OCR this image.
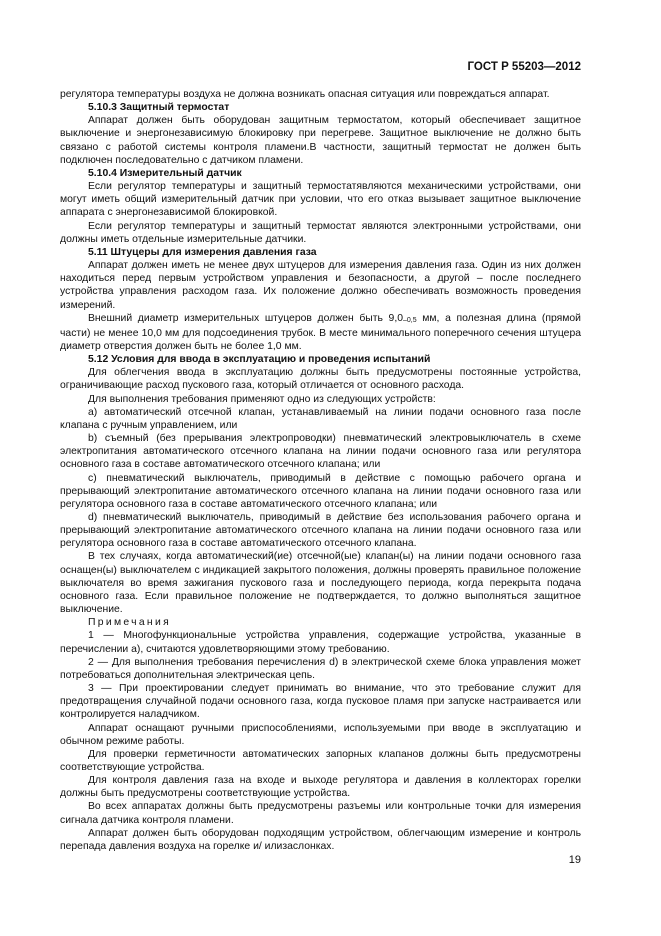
ГОСТ Р 55203—2012

регулятора температуры воздуха не должна возникать опасная ситуация или повреждаться аппарат.

5.10.3 Защитный термостат

Аппарат должен быть оборудован защитным термостатом, который обеспечивает защитное выключение и энергонезависимую блокировку при перегреве. Защитное выключение не должно быть связано с работой системы контроля пламени.В частности, защитный термостат не должен быть подключен последовательно с датчиком пламени.

5.10.4 Измерительный датчик

Если регулятор температуры и защитный термостатявляются механическими устройствами, они могут иметь общий измерительный датчик при условии, что его отказ вызывает защитное выключение аппарата с энергонезависимой блокировкой.

Если регулятор температуры и защитный термостат являются электронными устройствами, они должны иметь отдельные измерительные датчики.

5.11 Штуцеры для измерения давления газа

Аппарат должен иметь не менее двух штуцеров для измерения давления газа. Один из них должен находиться перед первым устройством управления и безопасности, а другой – после последнего устройства управления расходом газа. Их положение должно обеспечивать возможность проведения измерений.

Внешний диаметр измерительных штуцеров должен быть $9,0_{-0,5}$ мм, а полезная длина (прямой части) не менее 10,0 мм для подсоединения трубок. В месте минимального поперечного сечения штуцера диаметр отверстия должен быть не более 1,0 мм.

5.12 Условия для ввода в эксплуатацию и проведения испытаний

Для облегчения ввода в эксплуатацию должны быть предусмотрены постоянные устройства, ограничивающие расход пускового газа, который отличается от основного расхода.

Для выполнения требования применяют одно из следующих устройств:

а) автоматический отсечной клапан, устанавливаемый на линии подачи основного газа после клапана с ручным управлением, или

b) съемный (без прерывания электропроводки) пневматический электровыключатель в схеме электропитания автоматического отсечного клапана на линии подачи основного газа или регулятора основного газа в составе автоматического отсечного клапана; или

с) пневматический выключатель, приводимый в действие с помощью рабочего органа и прерывающий электропитание автоматического отсечного клапана на линии подачи основного газа или регулятора основного газа в составе автоматического отсечного клапана; или

d) пневматический выключатель, приводимый в действие без использования рабочего органа и прерывающий электропитание автоматического отсечного клапана на линии подачи основного газа или регулятора основного газа в составе автоматического отсечного клапана.

В тех случаях, когда автоматический(ие) отсечной(ые) клапан(ы) на линии подачи основного газа оснащен(ы) выключателем с индикацией закрытого положения, должны проверять правильное положение выключателя во время зажигания пускового газа и последующего периода, когда перекрыта подача основного газа. Если правильное положение не подтверждается, то должно выполняться защитное выключение.

Примечания

1 — Многофункциональные устройства управления, содержащие устройства, указанные в перечислении а), считаются удовлетворяющими этому требованию.

2 — Для выполнения требования перечисления d) в электрической схеме блока управления может потребоваться дополнительная электрическая цепь.

3 — При проектировании следует принимать во внимание, что это требование служит для предотвращения случайной подачи основного газа, когда пусковое пламя при запуске настраивается или контролируется наладчиком.

Аппарат оснащают ручными приспособлениями, используемыми при вводе в эксплуатацию и обычном режиме работы.

Для проверки герметичности автоматических запорных клапанов должны быть предусмотрены соответствующие устройства.

Для контроля давления газа на входе и выходе регулятора и давления в коллекторах горелки должны быть предусмотрены соответствующие устройства.

Во всех аппаратах должны быть предусмотрены разъемы или контрольные точки для измерения сигнала датчика контроля пламени.

Аппарат должен быть оборудован подходящим устройством, облегчающим измерение и контроль перепада давления воздуха на горелке и/ илизаслонках.

19
